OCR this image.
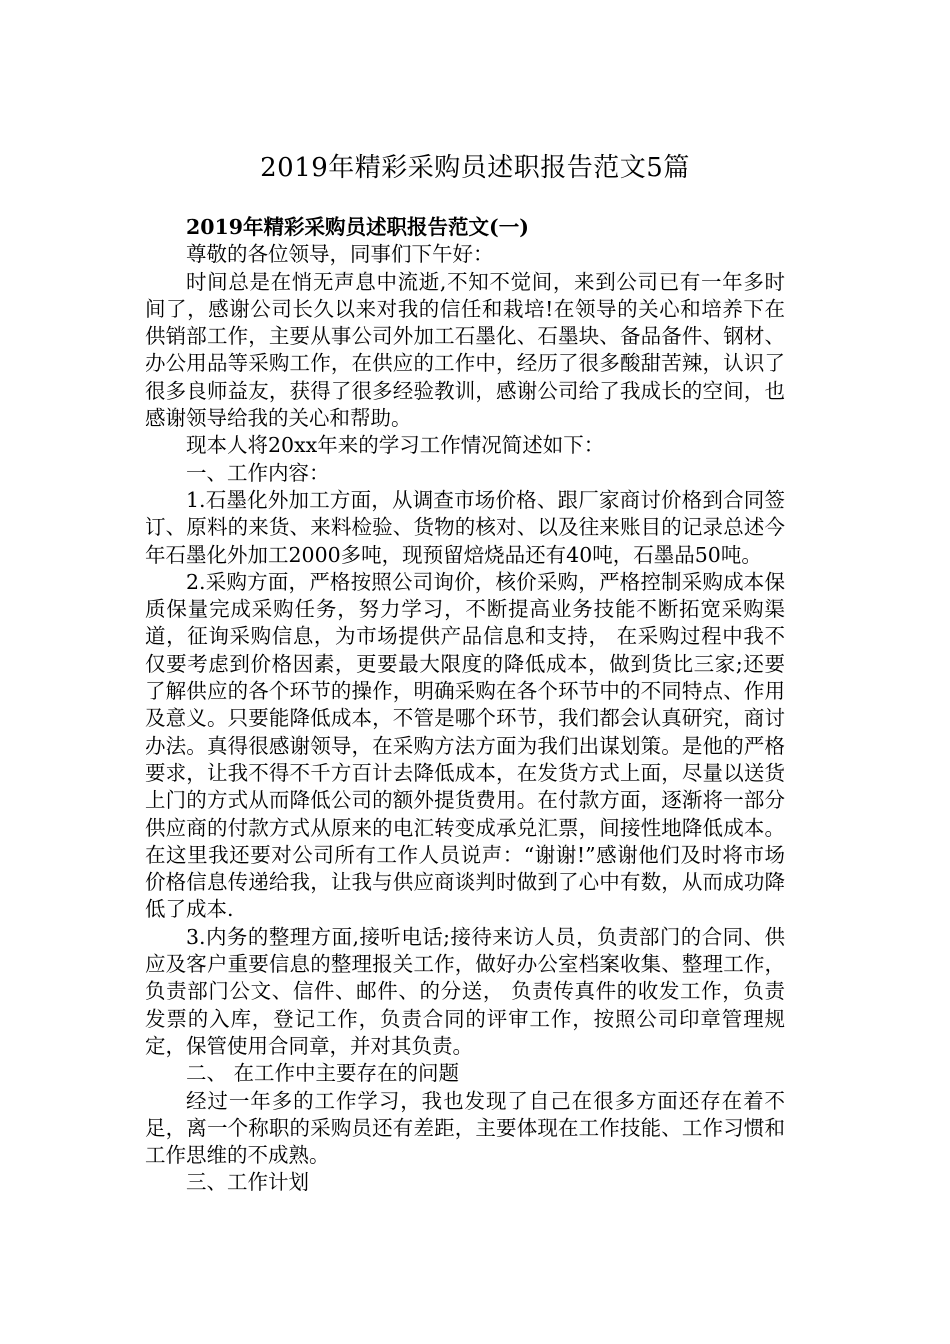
2019年精彩采购员述职报告范文5篇

2019年精彩采购员述职报告范文(一)

尊敬的各位领导，同事们下午好：

时间总是在悄无声息中流逝,不知不觉间，来到公司已有一年多时间了，感谢公司长久以来对我的信任和栽培!在领导的关心和培养下在供销部工作，主要从事公司外加工石墨化、石墨块、备品备件、钢材、办公用品等采购工作，在供应的工作中，经历了很多酸甜苦辣，认识了很多良师益友，获得了很多经验教训，感谢公司给了我成长的空间，也感谢领导给我的关心和帮助。

现本人将20xx年来的学习工作情况简述如下：

一、工作内容：

1.石墨化外加工方面，从调查市场价格、跟厂家商讨价格到合同签订、原料的来货、来料检验、货物的核对、以及往来账目的记录总述今年石墨化外加工2000多吨，现预留焙烧品还有40吨，石墨品50吨。

2.采购方面，严格按照公司询价，核价采购，严格控制采购成本保质保量完成采购任务，努力学习，不断提高业务技能不断拓宽采购渠道，征询采购信息，为市场提供产品信息和支持， 在采购过程中我不仅要考虑到价格因素，更要最大限度的降低成本，做到货比三家;还要了解供应的各个环节的操作，明确采购在各个环节中的不同特点、作用及意义。只要能降低成本，不管是哪个环节，我们都会认真研究，商讨办法。真得很感谢领导，在采购方法方面为我们出谋划策。是他的严格要求，让我不得不千方百计去降低成本，在发货方式上面，尽量以送货上门的方式从而降低公司的额外提货费用。在付款方面，逐渐将一部分供应商的付款方式从原来的电汇转变成承兑汇票，间接性地降低成本。在这里我还要对公司所有工作人员说声：“谢谢!”感谢他们及时将市场价格信息传递给我，让我与供应商谈判时做到了心中有数，从而成功降低了成本.

3.内务的整理方面,接听电话;接待来访人员，负责部门的合同、供应及客户重要信息的整理报关工作，做好办公室档案收集、整理工作， 负责部门公文、信件、邮件、的分送， 负责传真件的收发工作，负责发票的入库，登记工作，负责合同的评审工作，按照公司印章管理规定，保管使用合同章，并对其负责。

二、 在工作中主要存在的问题

经过一年多的工作学习，我也发现了自己在很多方面还存在着不足，离一个称职的采购员还有差距，主要体现在工作技能、工作习惯和工作思维的不成熟。

三、工作计划
